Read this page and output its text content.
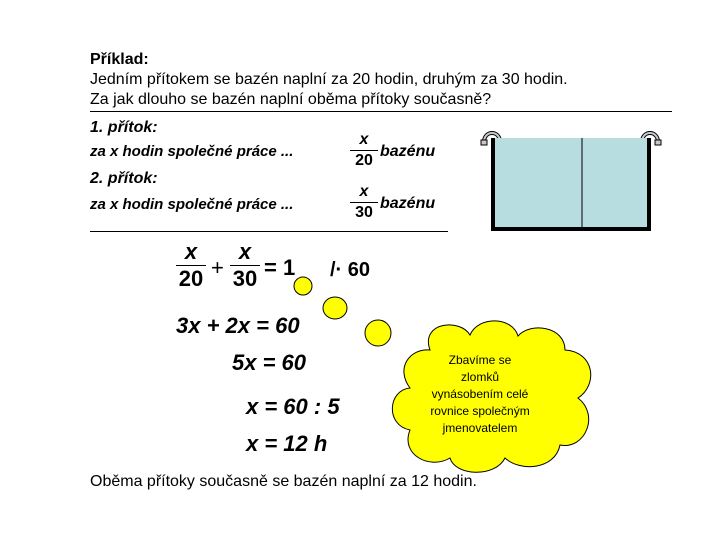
Příklad:
Jedním přítokem se bazén naplní za 20 hodin, druhým za 30 hodin.
Za jak dlouho se bazén naplní oběma přítoky současně?
1. přítok:
za x hodin společné práce ...
x
20
bazénu
2. přítok:
za x hodin společné práce ...
x
30
bazénu
x
20 +
x
30 = 1 /· 60
3x + 2x = 60
5x = 60
x = 60 : 5
x = 12 h
Zbavíme se zlomků vynásobením celé rovnice společným jmenovatelem
Oběma přítoky současně se bazén naplní za 12 hodin.
